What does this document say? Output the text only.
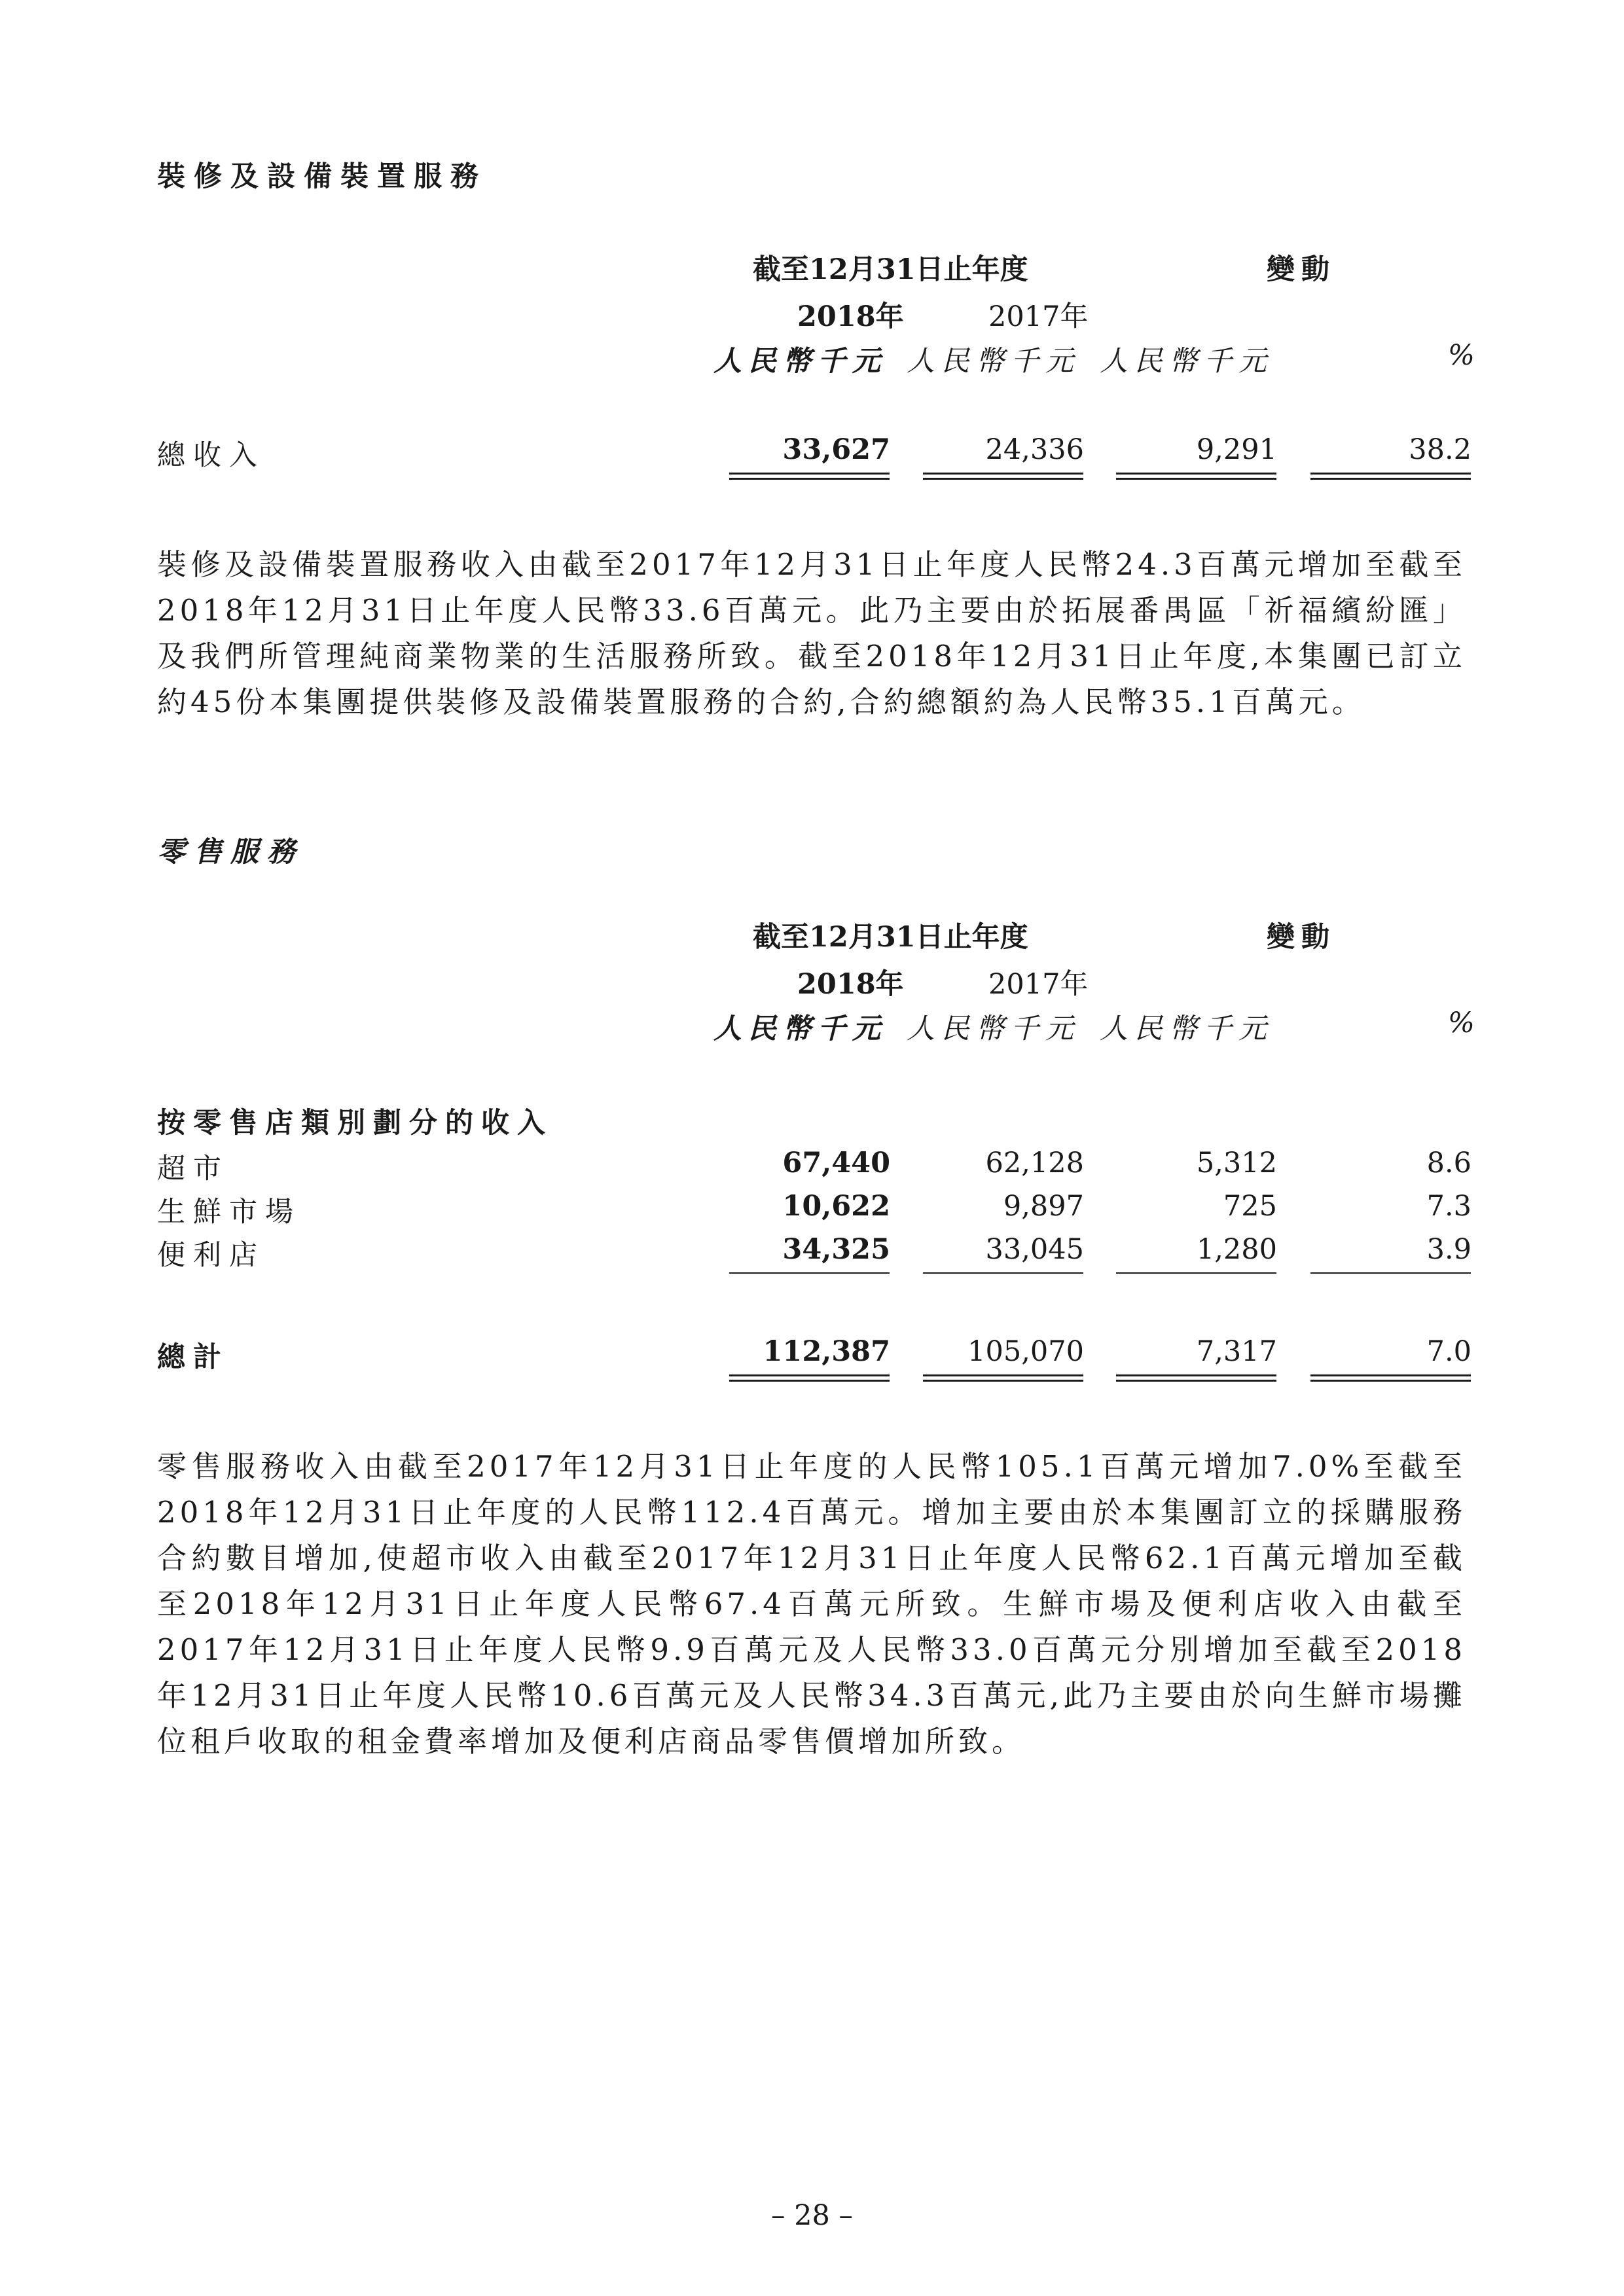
裝修及設備裝置服務
截至12月31日止年度	變動
2018年	2017年
人民幣千元 人民幣千元 人民幣千元	%
總收入	33,627	24,336	9,291	38.2
裝修及設備裝置服務收入由截至2017年12月31日止年度人民幣24.3百萬元增加至截至2018年12月31日止年度人民幣33.6百萬元。此乃主要由於拓展番禺區「祈福繽紛匯」及我們所管理純商業物業的生活服務所致。截至2018年12月31日止年度,本集團已訂立約45份本集團提供裝修及設備裝置服務的合約,合約總額約為人民幣35.1百萬元。
零售服務
截至12月31日止年度	變動
2018年	2017年
人民幣千元 人民幣千元 人民幣千元	%
按零售店類別劃分的收入
超市	67,440	62,128	5,312	8.6
生鮮市場	10,622	9,897	725	7.3
便利店	34,325	33,045	1,280	3.9
總計	112,387	105,070	7,317	7.0
零售服務收入由截至2017年12月31日止年度的人民幣105.1百萬元增加7.0%至截至2018年12月31日止年度的人民幣112.4百萬元。增加主要由於本集團訂立的採購服務合約數目增加,使超市收入由截至2017年12月31日止年度人民幣62.1百萬元增加至截至2018年12月31日止年度人民幣67.4百萬元所致。生鮮市場及便利店收入由截至2017年12月31日止年度人民幣9.9百萬元及人民幣33.0百萬元分別增加至截至2018年12月31日止年度人民幣10.6百萬元及人民幣34.3百萬元,此乃主要由於向生鮮市場攤位租戶收取的租金費率增加及便利店商品零售價增加所致。
– 28 –
